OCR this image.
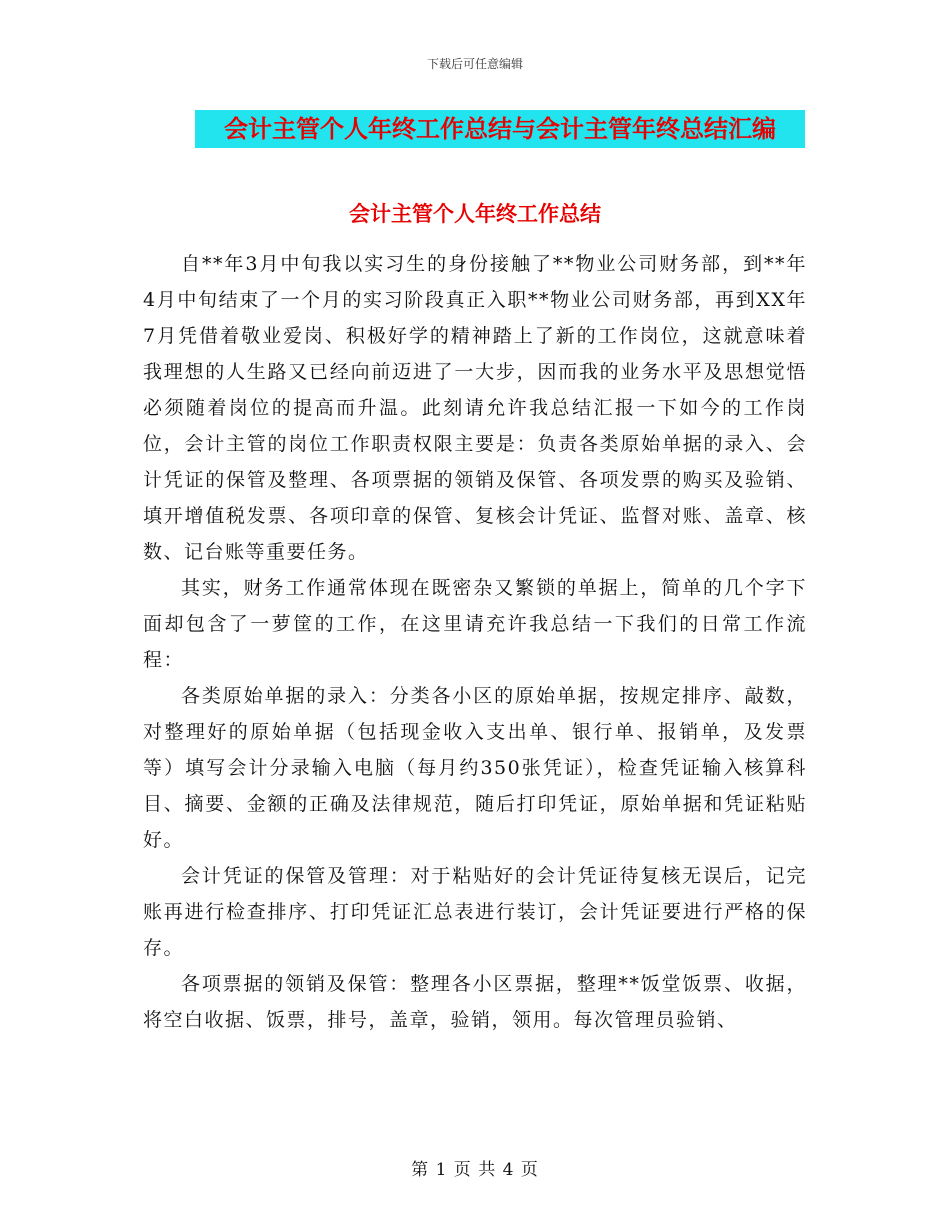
下载后可任意编辑
会计主管个人年终工作总结与会计主管年终总结汇编
会计主管个人年终工作总结

自**年3月中旬我以实习生的身份接触了**物业公司财务部，到**年4月中旬结束了一个月的实习阶段真正入职**物业公司财务部，再到XX年7月凭借着敬业爱岗、积极好学的精神踏上了新的工作岗位，这就意味着我理想的人生路又已经向前迈进了一大步，因而我的业务水平及思想觉悟必须随着岗位的提高而升温。此刻请允许我总结汇报一下如今的工作岗位，会计主管的岗位工作职责权限主要是：负责各类原始单据的录入、会计凭证的保管及整理、各项票据的领销及保管、各项发票的购买及验销、填开增值税发票、各项印章的保管、复核会计凭证、监督对账、盖章、核数、记台账等重要任务。

其实，财务工作通常体现在既密杂又繁锁的单据上，简单的几个字下面却包含了一萝筐的工作，在这里请充许我总结一下我们的日常工作流程：

各类原始单据的录入：分类各小区的原始单据，按规定排序、敲数，对整理好的原始单据（包括现金收入支出单、银行单、报销单，及发票等）填写会计分录输入电脑（每月约350张凭证），检查凭证输入核算科目、摘要、金额的正确及法律规范，随后打印凭证，原始单据和凭证粘贴好。

会计凭证的保管及管理：对于粘贴好的会计凭证待复核无误后，记完账再进行检查排序、打印凭证汇总表进行装订，会计凭证要进行严格的保存。

各项票据的领销及保管：整理各小区票据，整理**饭堂饭票、收据，将空白收据、饭票，排号，盖章，验销，领用。每次管理员验销、

第 1 页 共 4 页
